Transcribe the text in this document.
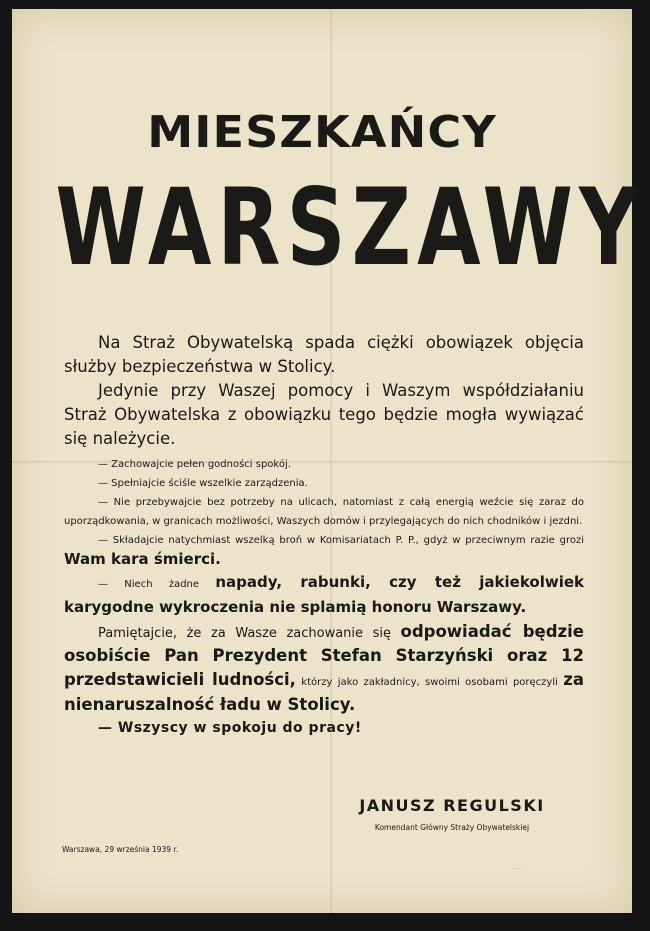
MIESZKAŃCY
WARSZAWY

Na Straż Obywatelską spada ciężki obowiązek objęcia służby bezpieczeństwa w Stolicy.

Jedynie przy Waszej pomocy i Waszym współdziałaniu Straż Obywatelska z obowiązku tego będzie mogła wywiązać się należycie.

— Zachowajcie pełen godności spokój.

— Spełniajcie ściśle wszelkie zarządzenia.

— Nie przebywajcie bez potrzeby na ulicach, natomiast z całą energią weźcie się zaraz do uporządkowania, w granicach możliwości, Waszych domów i przylegających do nich chodników i jezdni.

— Składajcie natychmiast wszelką broń w Komisariatach P. P., gdyż w przeciwnym razie grozi Wam kara śmierci.

— Niech żadne napady, rabunki, czy też jakiekolwiek karygodne wykroczenia nie splamią honoru Warszawy.

Pamiętajcie, że za Wasze zachowanie się odpowiadać będzie osobiście Pan Prezydent Stefan Starzyński oraz 12 przedstawicieli ludności, którzy jako zakładnicy, swoimi osobami poręczyli za nienaruszalność ładu w Stolicy.

— Wszyscy w spokoju do pracy!

JANUSZ REGULSKI
Komendant Główny Straży Obywatelskiej
Warszawa, 29 września 1939 r.
......
